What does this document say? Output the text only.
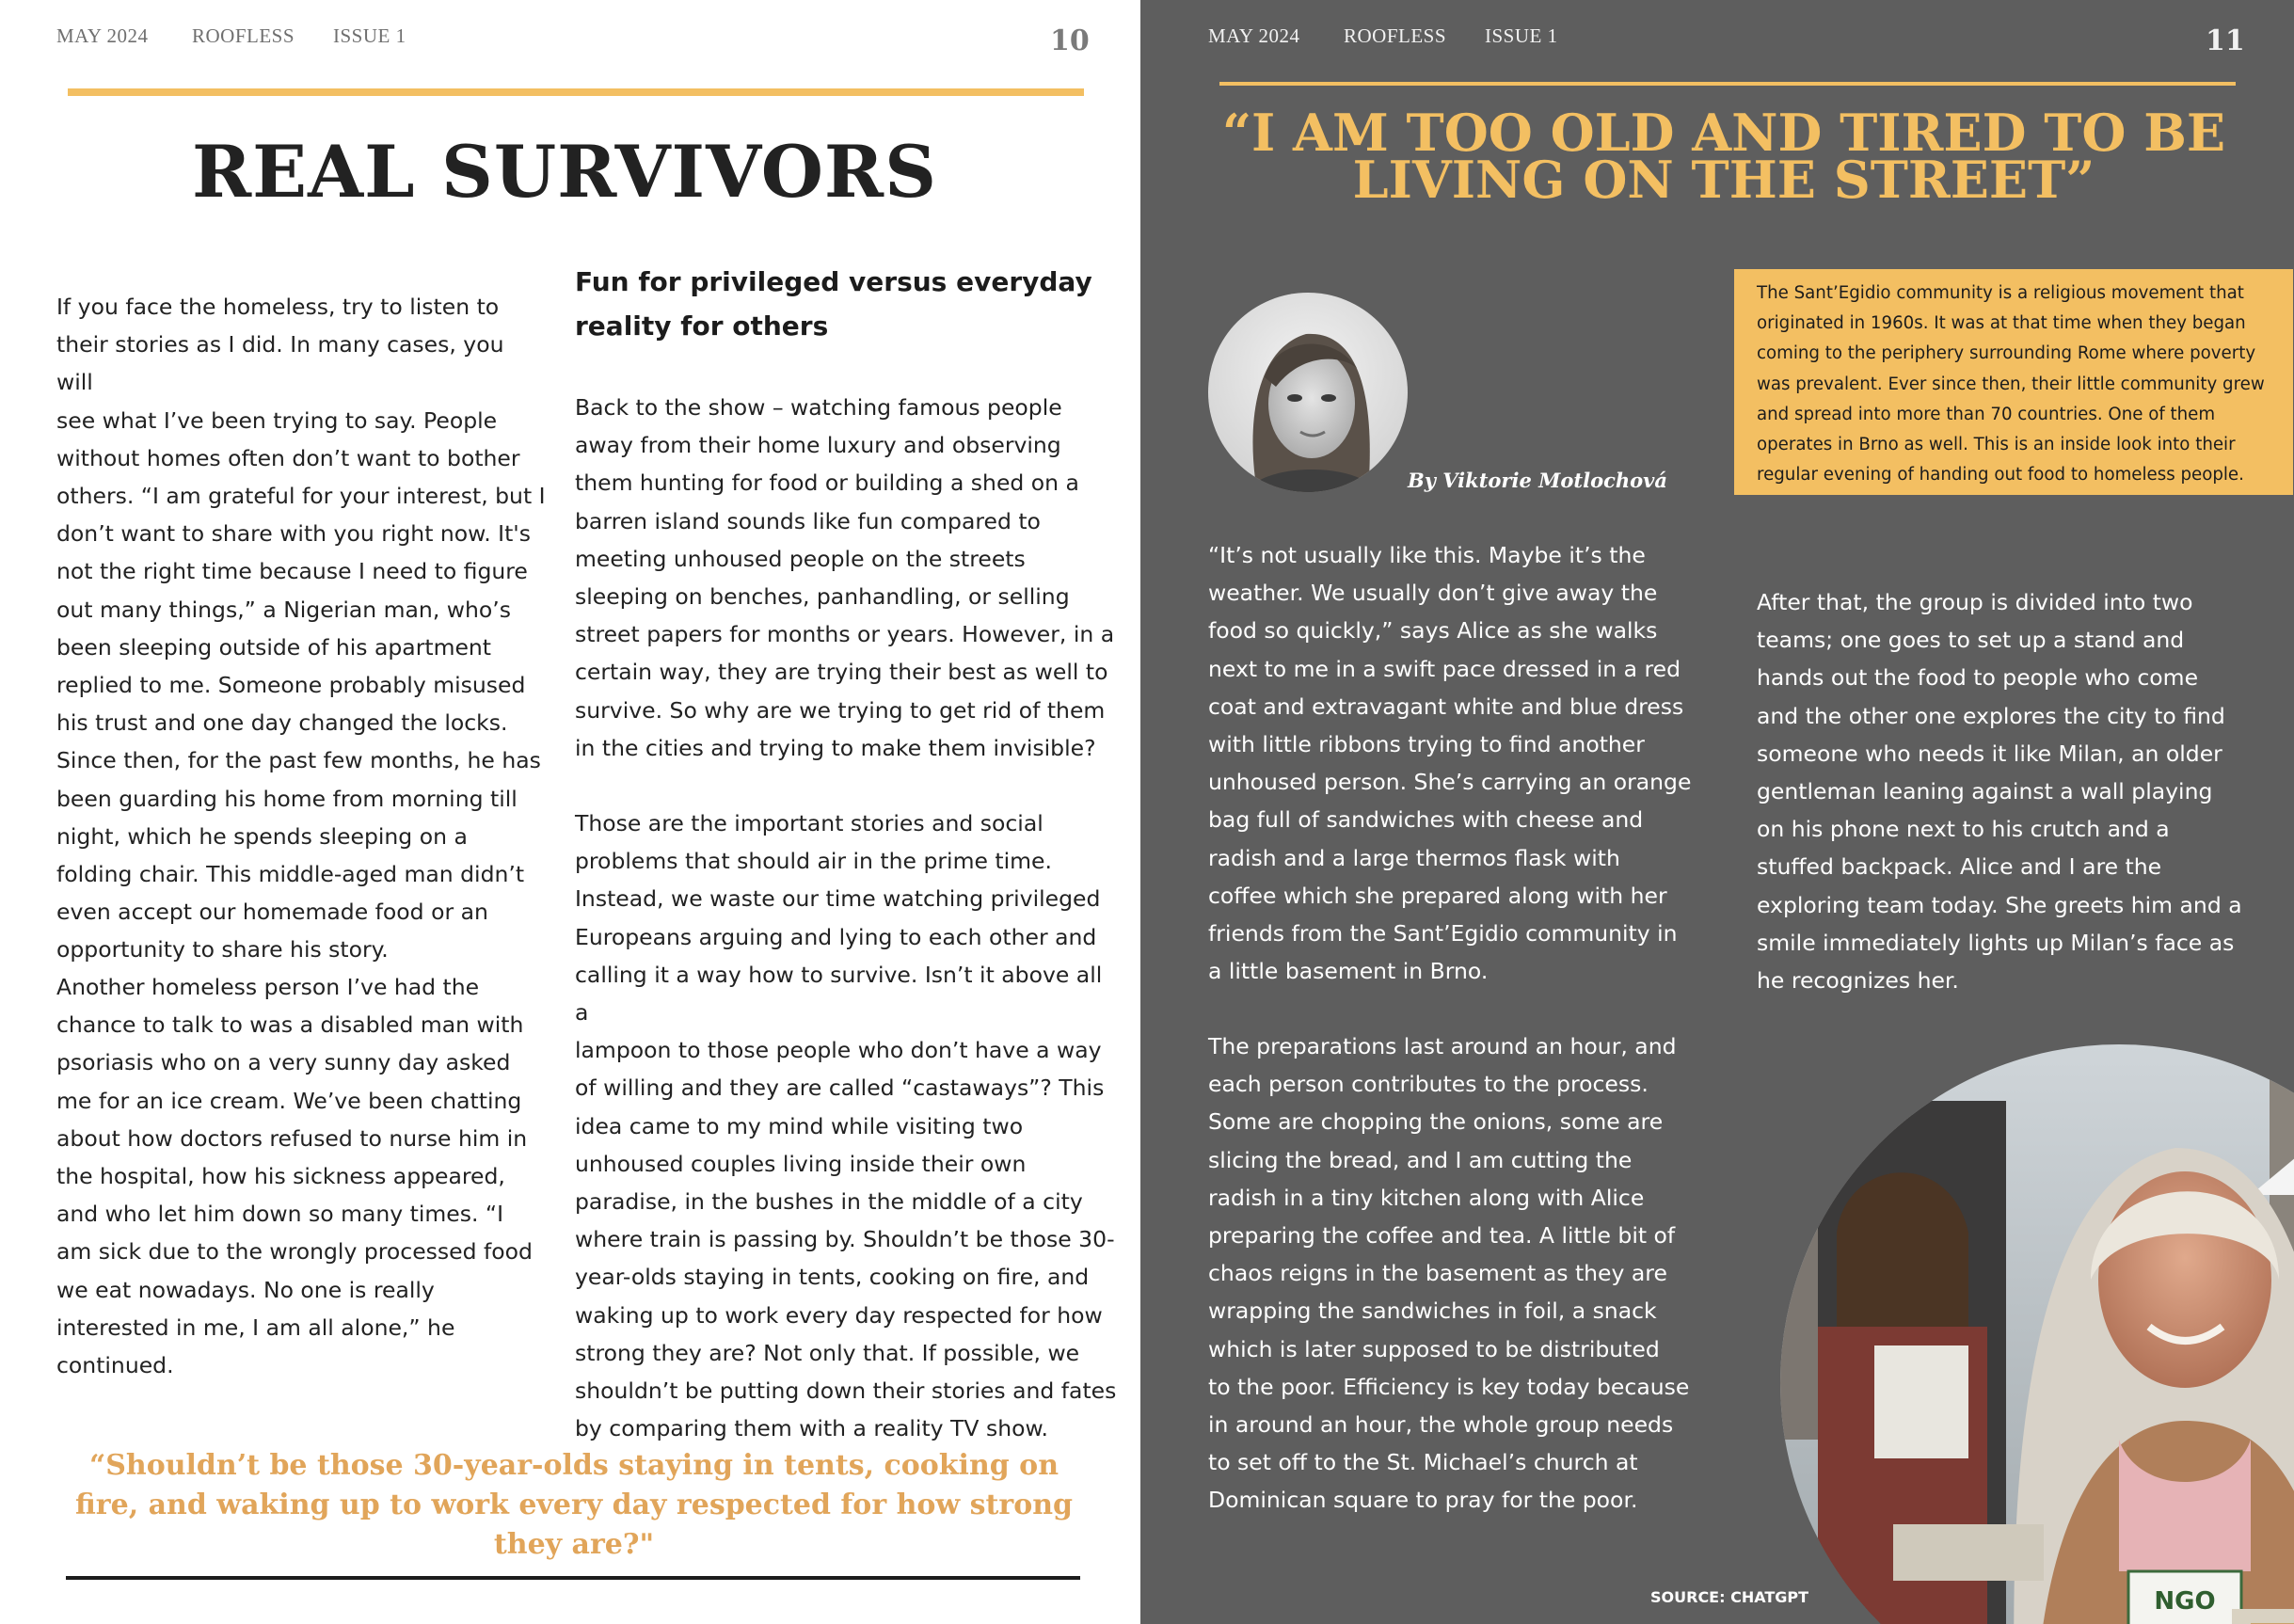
MAY 2024 ROOFLESS ISSUE 1	10
REAL SURVIVORS

If you face the homeless, try to listen to
their stories as I did. In many cases, you will
see what I’ve been trying to say. People
without homes often don’t want to bother
others. “I am grateful for your interest, but I
don’t want to share with you right now. It's
not the right time because I need to figure
out many things,” a Nigerian man, who’s
been sleeping outside of his apartment
replied to me. Someone probably misused
his trust and one day changed the locks.
Since then, for the past few months, he has
been guarding his home from morning till
night, which he spends sleeping on a
folding chair. This middle-aged man didn’t
even accept our homemade food or an
opportunity to share his story.

Another homeless person I’ve had the
chance to talk to was a disabled man with
psoriasis who on a very sunny day asked
me for an ice cream. We’ve been chatting
about how doctors refused to nurse him in
the hospital, how his sickness appeared,
and who let him down so many times. “I
am sick due to the wrongly processed food
we eat nowadays. No one is really
interested in me, I am all alone,” he
continued.

Fun for privileged versus everyday
reality for others

Back to the show – watching famous people
away from their home luxury and observing
them hunting for food or building a shed on a
barren island sounds like fun compared to
meeting unhoused people on the streets
sleeping on benches, panhandling, or selling
street papers for months or years. However, in a
certain way, they are trying their best as well to
survive. So why are we trying to get rid of them
in the cities and trying to make them invisible?

Those are the important stories and social
problems that should air in the prime time.
Instead, we waste our time watching privileged
Europeans arguing and lying to each other and
calling it a way how to survive. Isn’t it above all a
lampoon to those people who don’t have a way
of willing and they are called “castaways”? This
idea came to my mind while visiting two
unhoused couples living inside their own
paradise, in the bushes in the middle of a city
where train is passing by. Shouldn’t be those 30-
year-olds staying in tents, cooking on fire, and
waking up to work every day respected for how
strong they are? Not only that. If possible, we
shouldn’t be putting down their stories and fates
by comparing them with a reality TV show.

“Shouldn’t be those 30-year-olds staying in tents, cooking on fire, and waking up to work every day respected for how strong they are?"

MAY 2024 ROOFLESS ISSUE 1	11
“I AM TOO OLD AND TIRED TO BE
LIVING ON THE STREET”

By Viktorie Motlochová

The Sant’Egidio community is a religious movement that
originated in 1960s. It was at that time when they began
coming to the periphery surrounding Rome where poverty
was prevalent. Ever since then, their little community grew
and spread into more than 70 countries. One of them
operates in Brno as well. This is an inside look into their
regular evening of handing out food to homeless people.

“It’s not usually like this. Maybe it’s the
weather. We usually don’t give away the
food so quickly,” says Alice as she walks
next to me in a swift pace dressed in a red
coat and extravagant white and blue dress
with little ribbons trying to find another
unhoused person. She’s carrying an orange
bag full of sandwiches with cheese and
radish and a large thermos flask with
coffee which she prepared along with her
friends from the Sant’Egidio community in
a little basement in Brno.

The preparations last around an hour, and
each person contributes to the process.
Some are chopping the onions, some are
slicing the bread, and I am cutting the
radish in a tiny kitchen along with Alice
preparing the coffee and tea. A little bit of
chaos reigns in the basement as they are
wrapping the sandwiches in foil, a snack
which is later supposed to be distributed
to the poor. Efficiency is key today because
in around an hour, the whole group needs
to set off to the St. Michael’s church at
Dominican square to pray for the poor.

After that, the group is divided into two
teams; one goes to set up a stand and
hands out the food to people who come
and the other one explores the city to find
someone who needs it like Milan, an older
gentleman leaning against a wall playing
on his phone next to his crutch and a
stuffed backpack. Alice and I are the
exploring team today. She greets him and a
smile immediately lights up Milan’s face as
he recognizes her.

NGO

SOURCE: CHATGPT
